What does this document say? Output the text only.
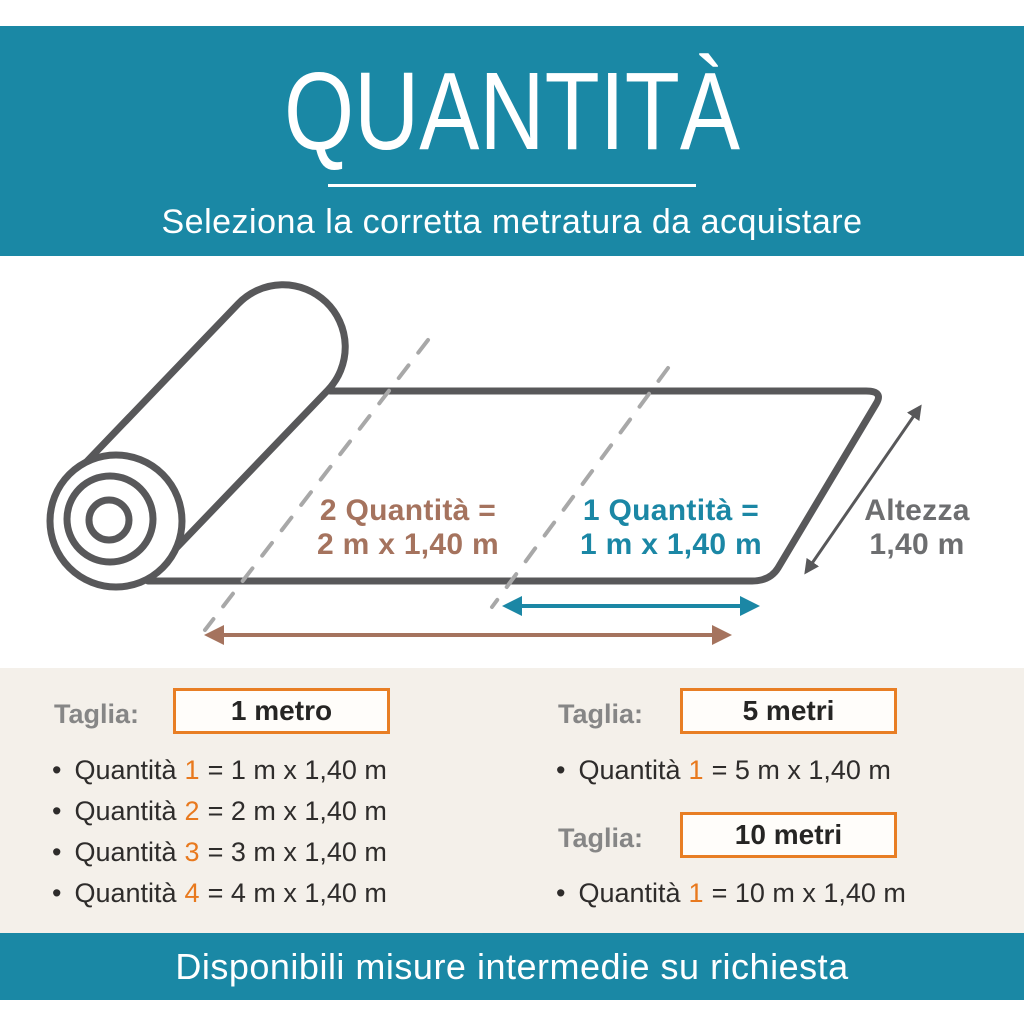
QUANTITÀ
Seleziona la corretta metratura da acquistare
2 Quantità =
2 m x 1,40 m
1 Quantità =
1 m x 1,40 m
Altezza
1,40 m
Taglia:	1 metro
• Quantità 1 = 1 m x 1,40 m
• Quantità 2 = 2 m x 1,40 m
• Quantità 3 = 3 m x 1,40 m
• Quantità 4 = 4 m x 1,40 m
Taglia:	5 metri
• Quantità 1 = 5 m x 1,40 m
Taglia:	10 metri
• Quantità 1 = 10 m x 1,40 m
Disponibili misure intermedie su richiesta
